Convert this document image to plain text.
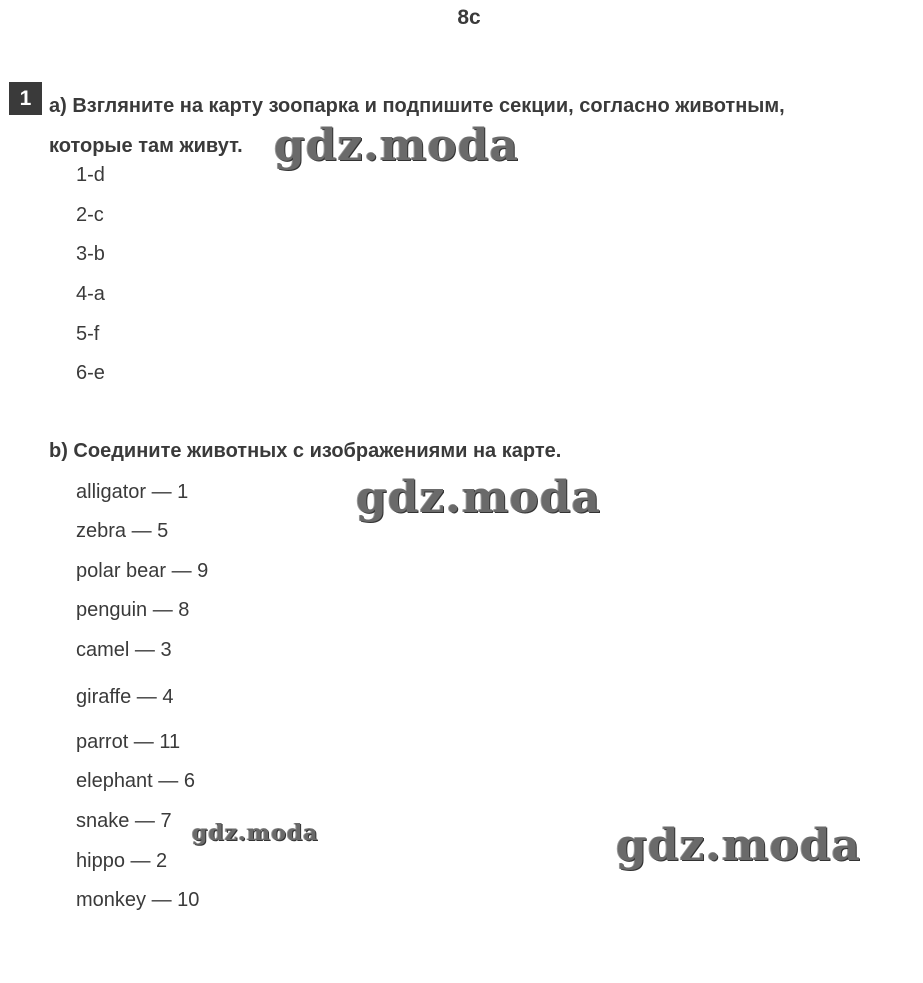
8c
1 a) Взгляните на карту зоопарка и подпишите секции, согласно животным,
которые там живут.

1-d

2-c

3-b

4-a

5-f

6-e

b) Соедините животных с изображениями на карте.

alligator — 1

zebra — 5

polar bear — 9

penguin — 8

camel — 3

giraffe — 4

parrot — 11

elephant — 6

snake — 7

hippo — 2

monkey — 10

gdz.moda
gdz.moda
gdz.moda	gdz.moda
